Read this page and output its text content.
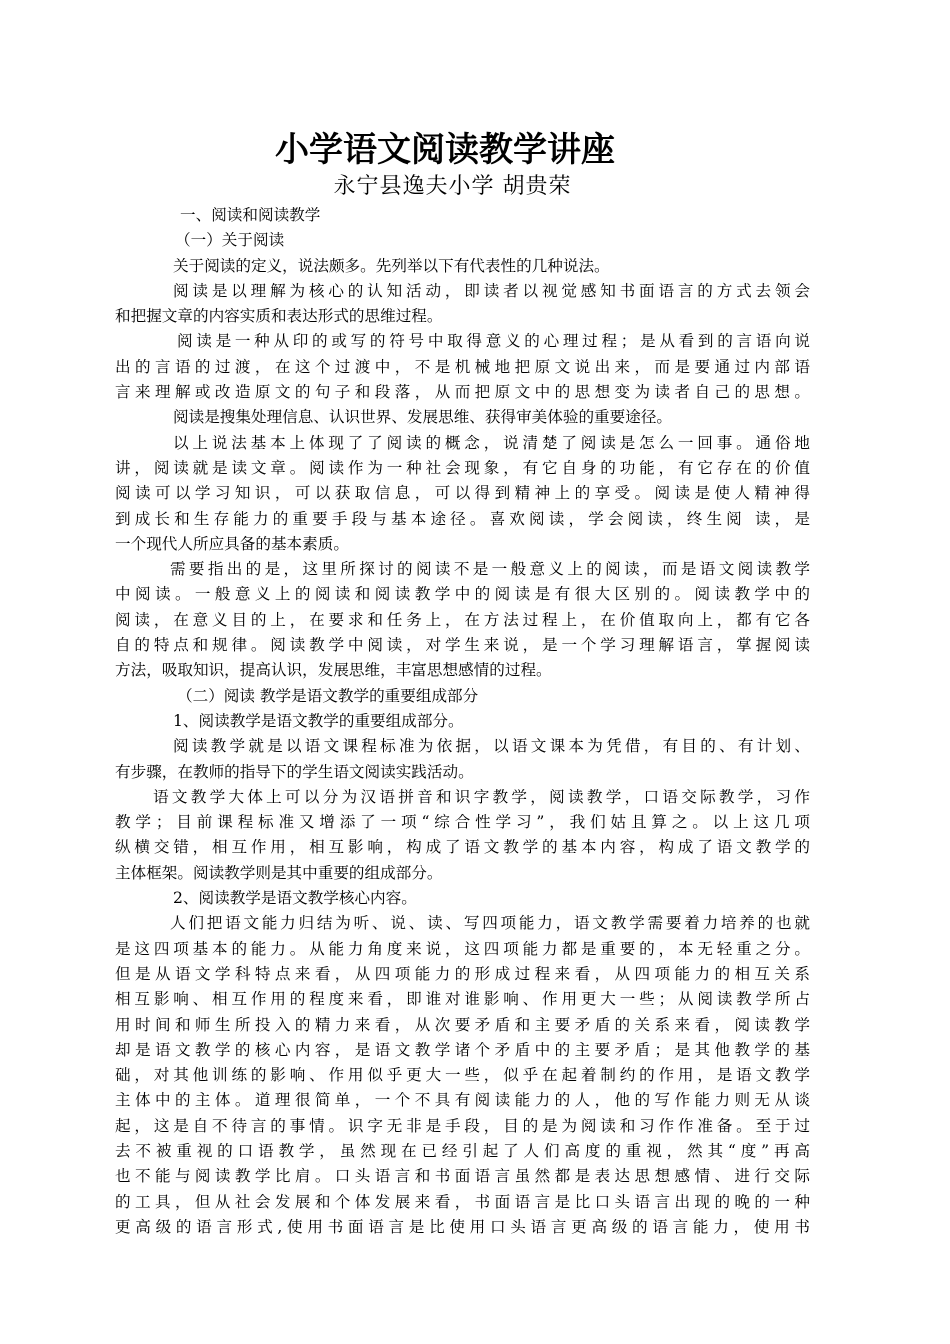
小学语文阅读教学讲座
永宁县逸夫小学 胡贵荣
一、阅读和阅读教学
（一）关于阅读
关于阅读的定义，说法颇多。先列举以下有代表性的几种说法。
阅读是以理解为核心的认知活动，即读者以视觉感知书面语言的方式去领会
和把握文章的内容实质和表达形式的思维过程。
阅读是一种从印的或写的符号中取得意义的心理过程；是从看到的言语向说
出的言语的过渡，在这个过渡中，不是机械地把原文说出来，而是要通过内部语
言来理解或改造原文的句子和段落，从而把原文中的思想变为读者自己的思想。
阅读是搜集处理信息、认识世界、发展思维、获得审美体验的重要途径。
以上说法基本上体现了了阅读的概念，说清楚了阅读是怎么一回事。通俗地
讲，阅读就是读文章。阅读作为一种社会现象，有它自身的功能，有它存在的价值
阅读可以学习知识，可以获取信息，可以得到精神上的享受。阅读是使人精神得
到成长和生存能力的重要手段与基本途径。喜欢阅读，学会阅读，终生阅 读，是
一个现代人所应具备的基本素质。
需要指出的是，这里所探讨的阅读不是一般意义上的阅读，而是语文阅读教学
中阅读。一般意义上的阅读和阅读教学中的阅读是有很大区别的。阅读教学中的
阅读，在意义目的上，在要求和任务上，在方法过程上，在价值取向上，都有它各
自的特点和规律。阅读教学中阅读，对学生来说，是一个学习理解语言，掌握阅读
方法，吸取知识，提高认识，发展思维，丰富思想感情的过程。
（二）阅读 教学是语文教学的重要组成部分
1、阅读教学是语文教学的重要组成部分。
阅读教学就是以语文课程标准为依据，以语文课本为凭借，有目的、有计划、
有步骤，在教师的指导下的学生语文阅读实践活动。
语文教学大体上可以分为汉语拼音和识字教学，阅读教学，口语交际教学，习作
教学；目前课程标准又增添了一项“综合性学习”，我们姑且算之。以上这几项
纵横交错，相互作用，相互影响，构成了语文教学的基本内容，构成了语文教学的
主体框架。阅读教学则是其中重要的组成部分。
2、阅读教学是语文教学核心内容。
人们把语文能力归结为听、说、读、写四项能力，语文教学需要着力培养的也就
是这四项基本的能力。从能力角度来说，这四项能力都是重要的，本无轻重之分。
但是从语文学科特点来看，从四项能力的形成过程来看，从四项能力的相互关系
相互影响、相互作用的程度来看，即谁对谁影响、作用更大一些；从阅读教学所占
用时间和师生所投入的精力来看，从次要矛盾和主要矛盾的关系来看，阅读教学
却是语文教学的核心内容，是语文教学诸个矛盾中的主要矛盾；是其他教学的基
础，对其他训练的影响、作用似乎更大一些，似乎在起着制约的作用，是语文教学
主体中的主体。道理很简单，一个不具有阅读能力的人，他的写作能力则无从谈
起，这是自不待言的事情。识字无非是手段，目的是为阅读和习作作准备。至于过
去不被重视的口语教学，虽然现在已经引起了人们高度的重视，然其“度”再高
也不能与阅读教学比肩。口头语言和书面语言虽然都是表达思想感情、进行交际
的工具，但从社会发展和个体发展来看，书面语言是比口头语言出现的晚的一种
更高级的语言形式,使用书面语言是比使用口头语言更高级的语言能力，使用书
